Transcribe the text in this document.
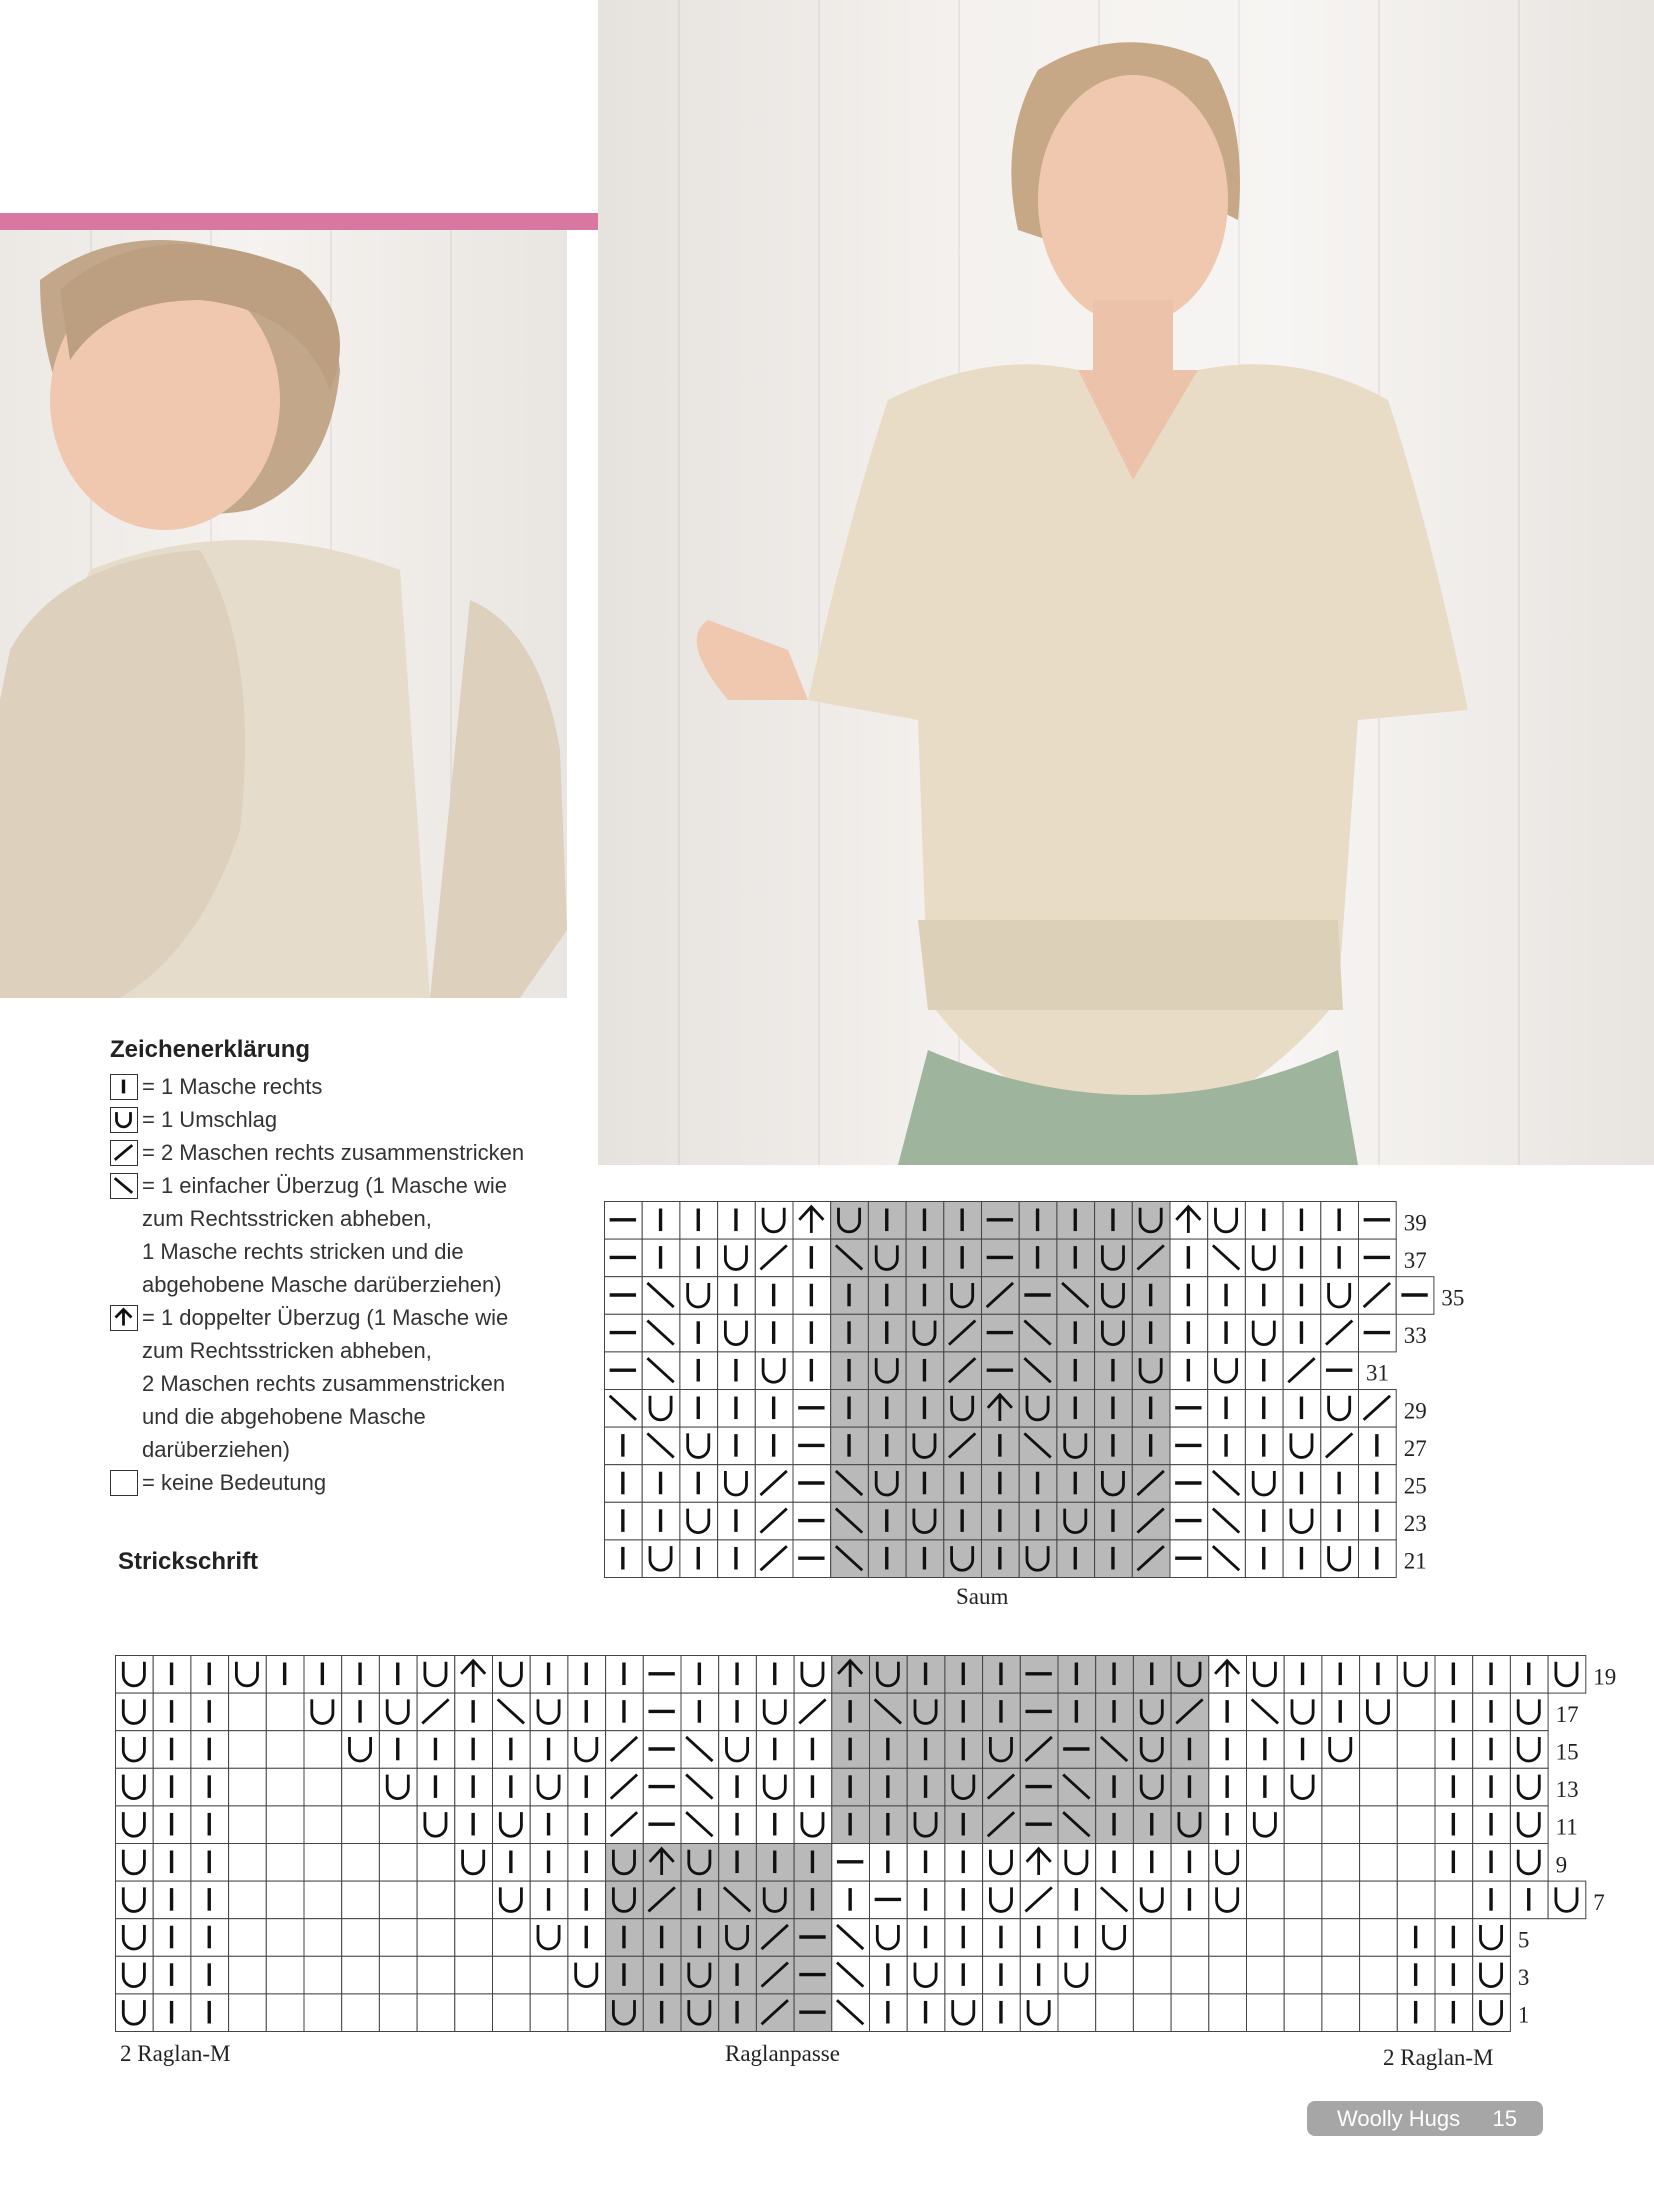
Zeichenerklärung
= 1 Masche rechts
= 1 Umschlag
= 2 Maschen rechts zusammenstricken
= 1 einfacher Überzug (1 Masche wie
zum Rechtsstricken abheben,
1 Masche rechts stricken und die
abgehobene Masche darüberziehen)
= 1 doppelter Überzug (1 Masche wie
zum Rechtsstricken abheben,
2 Maschen rechts zusammenstricken
und die abgehobene Masche
darüberziehen)
= keine Bedeutung
Strickschrift
39
37
35
33
31
29
27
25
23
21
Saum
19
17
15
13
11
9
7
5
3
1
2 Raglan-M	Raglanpasse	2 Raglan-M
Woolly Hugs 15
